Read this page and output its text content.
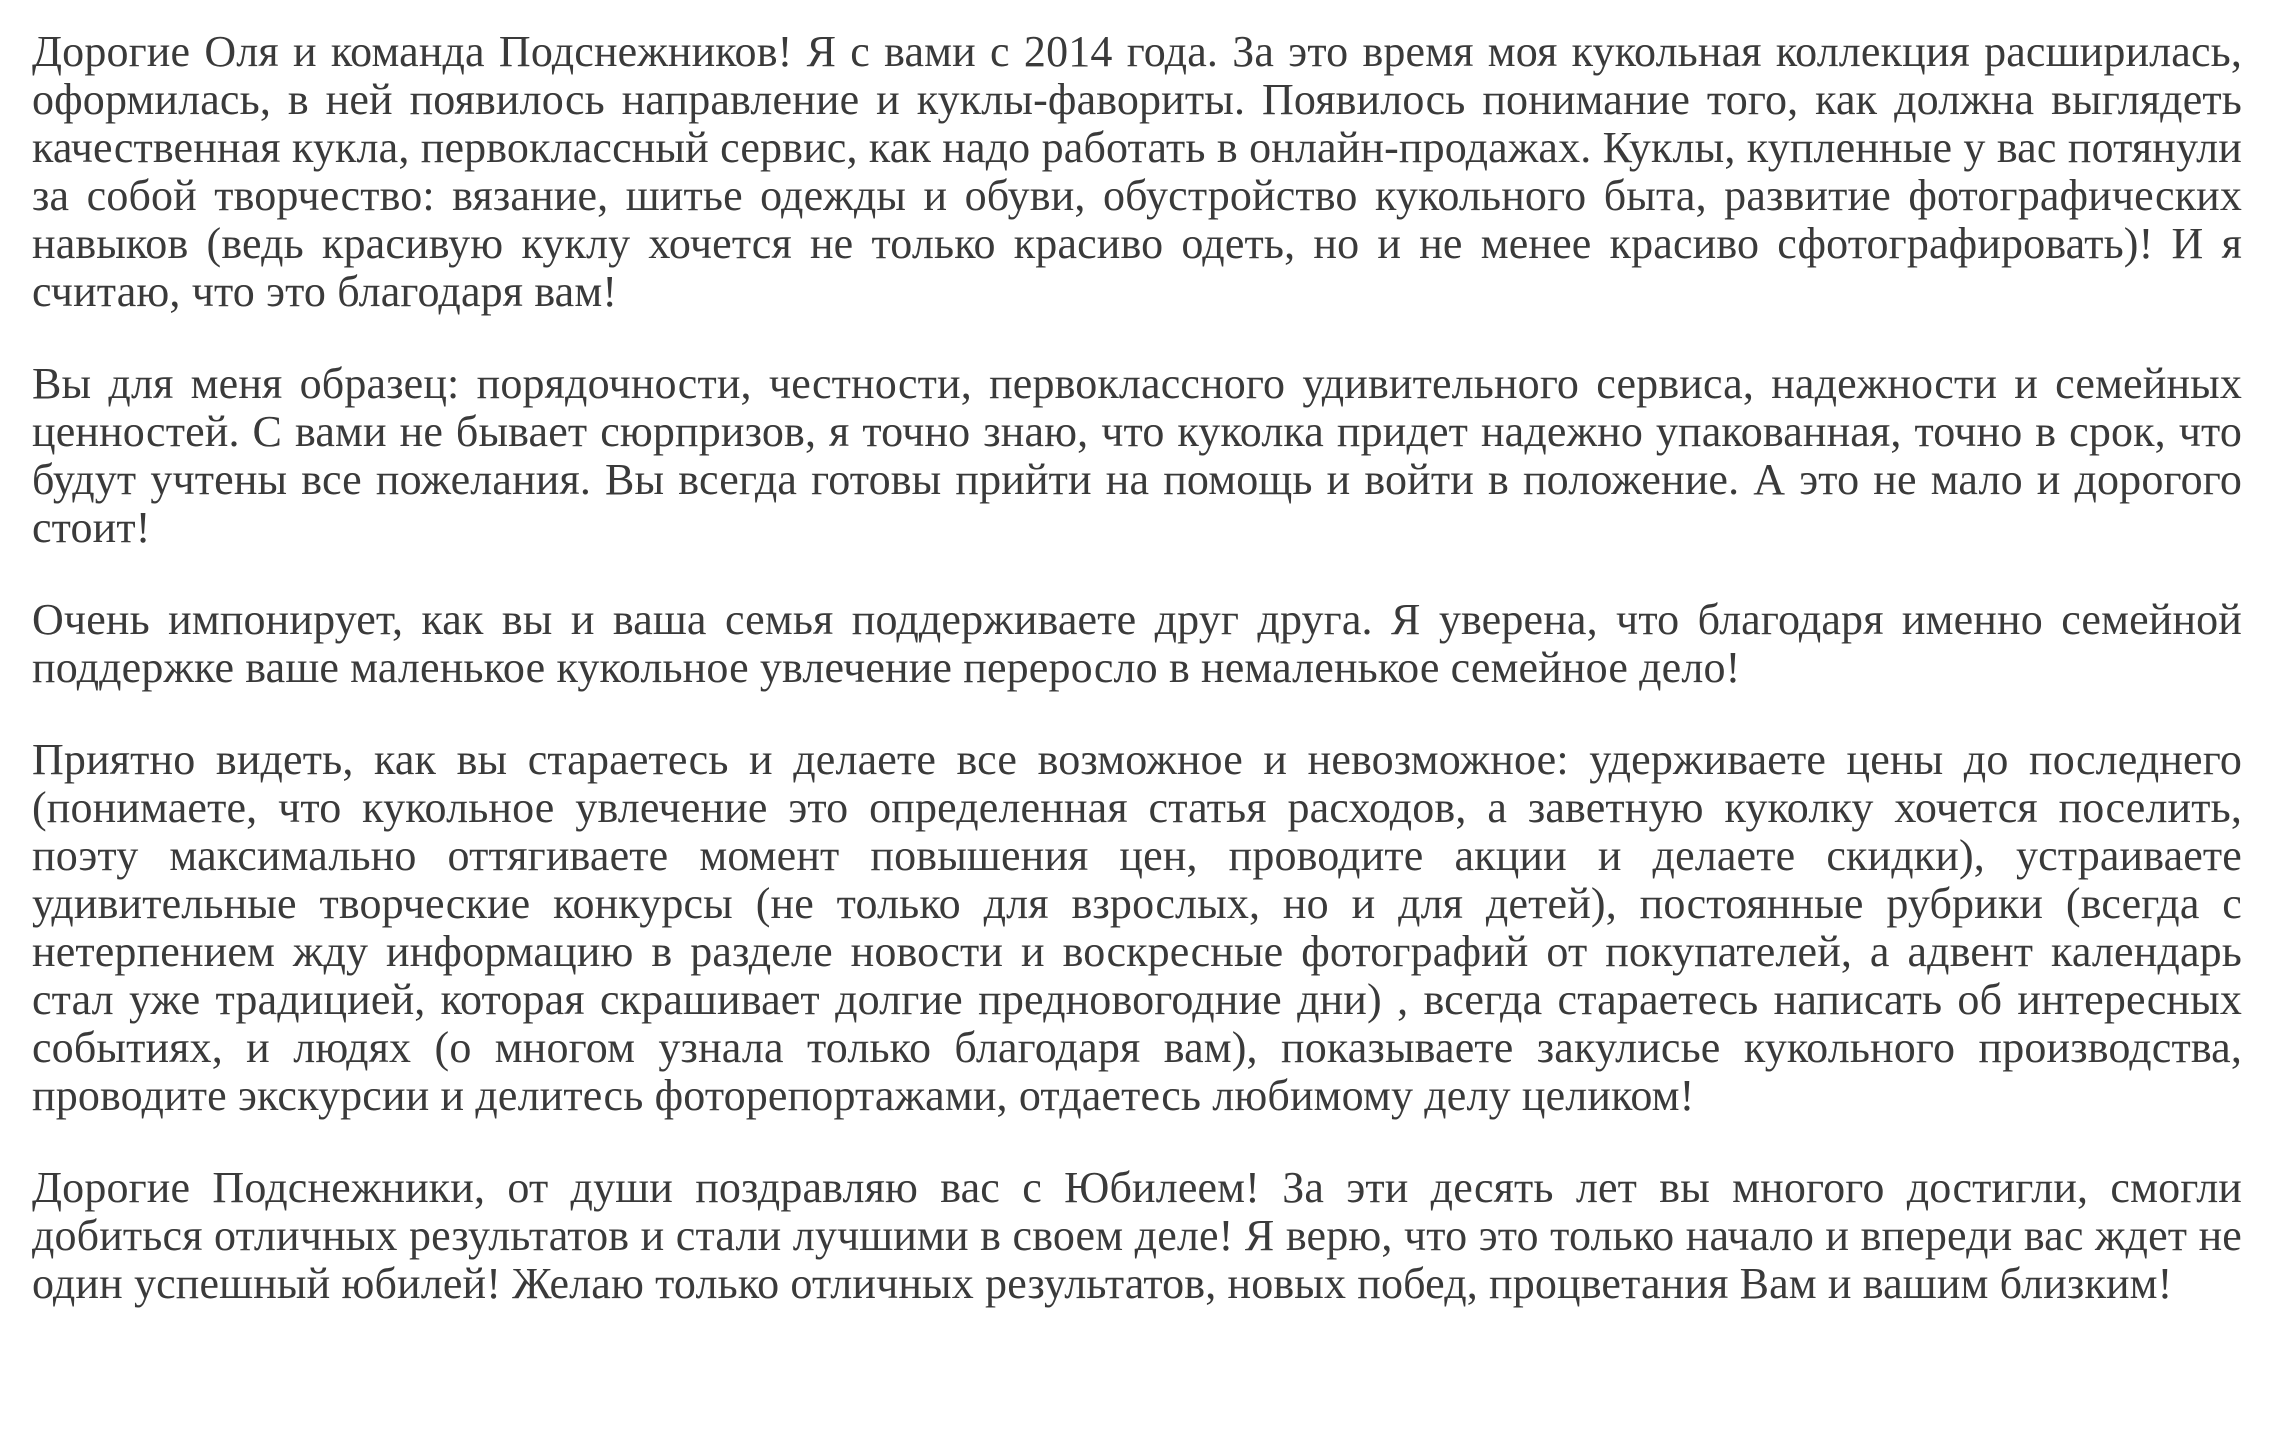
Дорогие Оля и команда Подснежников! Я с вами с 2014 года. За это время моя кукольная коллекция расширилась, оформилась, в ней появилось направление и куклы-фавориты. Появилось понимание того, как должна выглядеть качественная кукла, первоклассный сервис, как надо работать в онлайн-продажах. Куклы, купленные у вас потянули за собой творчество: вязание, шитье одежды и обуви, обустройство кукольного быта, развитие фотографических навыков (ведь красивую куклу хочется не только красиво одеть, но и не менее красиво сфотографировать)! И я считаю, что это благодаря вам!

Вы для меня образец: порядочности, честности, первоклассного удивительного сервиса, надежности и семейных ценностей. С вами не бывает сюрпризов, я точно знаю, что куколка придет надежно упакованная, точно в срок, что будут учтены все пожелания. Вы всегда готовы прийти на помощь и войти в положение. А это не мало и дорогого стоит!

Очень импонирует, как вы и ваша семья поддерживаете друг друга. Я уверена, что благодаря именно семейной поддержке ваше маленькое кукольное увлечение переросло в немаленькое семейное дело!

Приятно видеть, как вы стараетесь и делаете все возможное и невозможное: удерживаете цены до последнего (понимаете, что кукольное увлечение это определенная статья расходов, а заветную куколку хочется поселить, поэту максимально оттягиваете момент повышения цен, проводите акции и делаете скидки), устраиваете удивительные творческие конкурсы (не только для взрослых, но и для детей), постоянные рубрики (всегда с нетерпением жду информацию в разделе новости и воскресные фотографий от покупателей, а адвент календарь стал уже традицией, которая скрашивает долгие предновогодние дни) , всегда стараетесь написать об интересных событиях, и людях (о многом узнала только благодаря вам), показываете закулисье кукольного производства, проводите экскурсии и делитесь фоторепортажами, отдаетесь любимому делу целиком!

Дорогие Подснежники, от души поздравляю вас с Юбилеем! За эти десять лет вы многого достигли, смогли добиться отличных результатов и стали лучшими в своем деле! Я верю, что это только начало и впереди вас ждет не один успешный юбилей! Желаю только отличных результатов, новых побед, процветания Вам и вашим близким!
